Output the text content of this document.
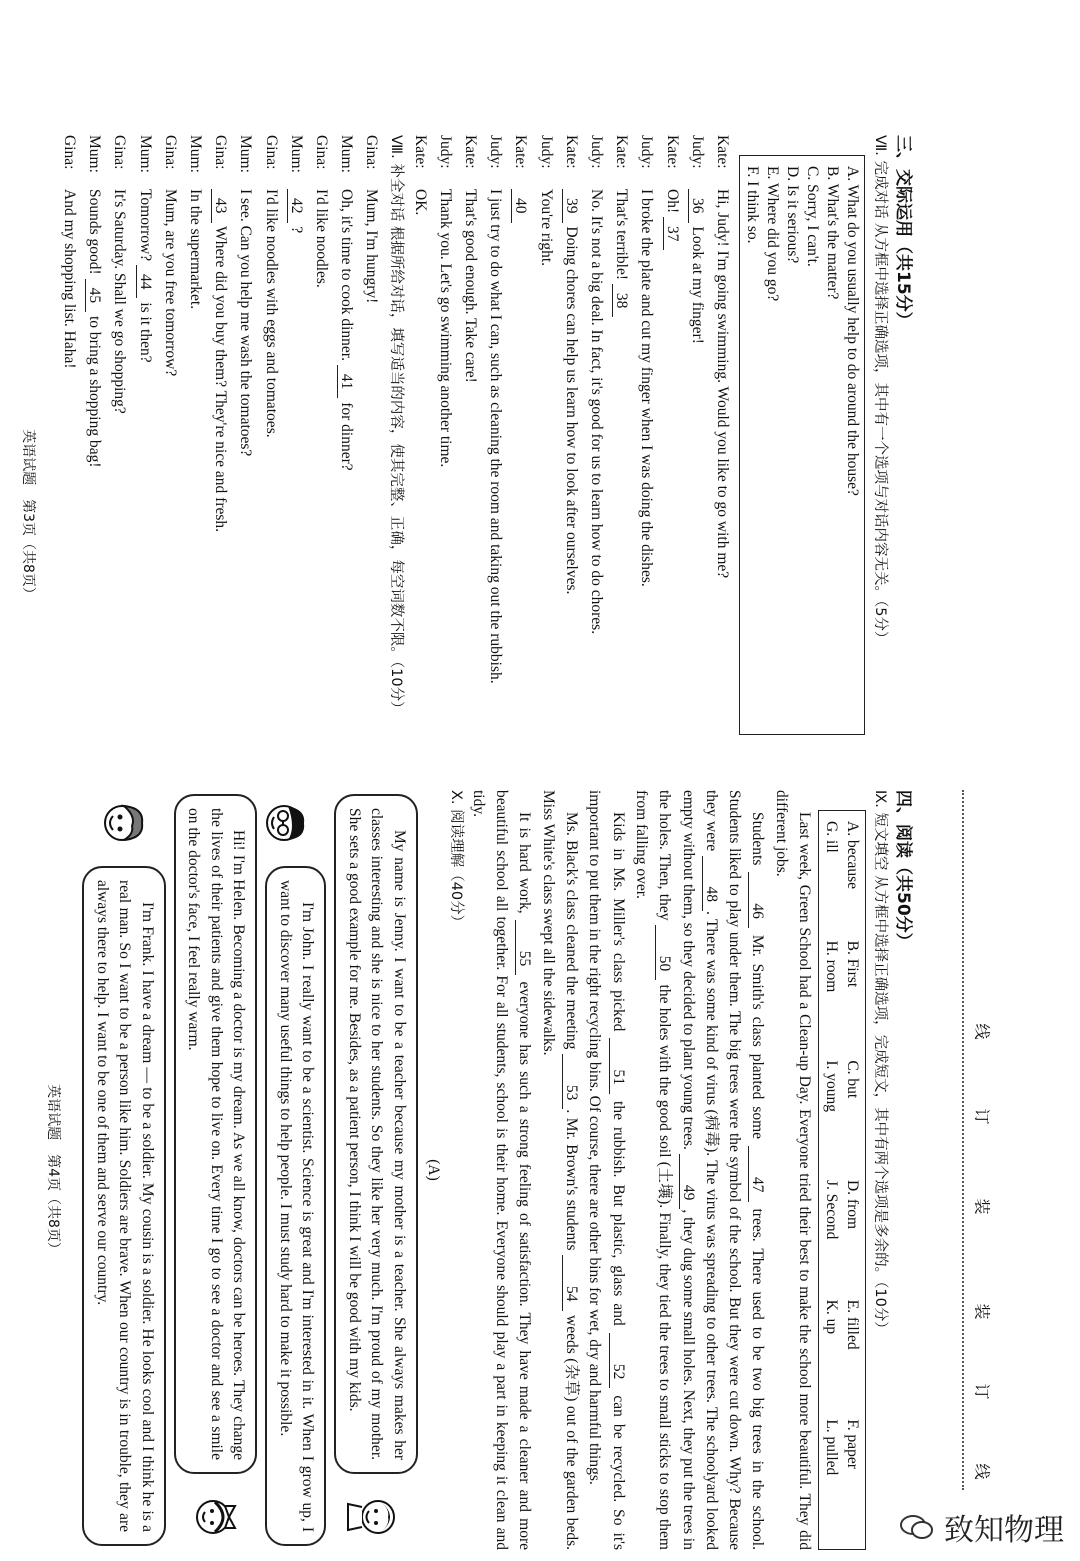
三、交际运用（共15分）
Ⅶ. 完成对话 从方框中选择正确选项，其中有一个选项与对话内容无关。（5分）
A. What do you usually help to do around the house?
B. What's the matter?
C. Sorry, I can't.
D. Is it serious?
E. Where did you go?
F. I think so.
Kate:Hi, Judy! I'm going swimming. Would you like to go with me?
Judy:36 Look at my finger!
Kate:Oh! 37
Judy:I broke the plate and cut my finger when I was doing the dishes.
Kate:That's terrible! 38
Judy:No. It's not a big deal. In fact, it's good for us to learn how to do chores.
Kate:39 Doing chores can help us learn how to look after ourselves.
Judy:You're right.
Kate:40
Judy:I just try to do what I can, such as cleaning the room and taking out the rubbish.
Kate:That's good enough. Take care!
Judy:Thank you. Let's go swimming another time.
Kate:OK.
Ⅷ. 补全对话 根据所给对话，填写适当的内容，使其完整、正确，每空词数不限。（10分）
Gina:Mum, I'm hungry!
Mum:Oh, it's time to cook dinner. 41 for dinner?
Gina:I'd like noodles.
Mum:42 ?
Gina:I'd like noodles with eggs and tomatoes.
Mum:I see. Can you help me wash the tomatoes?
Gina:43 Where did you buy them? They're nice and fresh.
Mum:In the supermarket.
Gina:Mum, are you free tomorrow?
Mum:Tomorrow? 44 is it then?
Gina:It's Saturday. Shall we go shopping?
Mum:Sounds good! 45 to bring a shopping bag!
Gina:And my shopping list. Haha!
英语试题　第3页（共8页）
四、阅读（共50分）
Ⅸ. 短文填空 从方框中选择正确选项，完成短文，其中有两个选项是多余的。（10分）
A. because
B. First
C. but
D. from
E. filled
F. paper
G. ill
H. room
I. young
J. Second
K. up
L. pulled
Last week, Green School had a Clean-up Day. Everyone tried their best to make the school more beautiful. They did different jobs.
Students 46 Mr. Smith's class planted some 47 trees. There used to be two big trees in the school. Students liked to play under them. The big trees were the symbol of the school. But they were cut down. Why? Because they were 48. There was some kind of virus (病毒). The virus was spreading to other trees. The schoolyard looked empty without them, so they decided to plant young trees. 49, they dug some small holes. Next, they put the trees in the holes. Then, they 50 the holes with the good soil (土壤). Finally, they tied the trees to small sticks to stop them from falling over.
Kids in Ms. Miller's class picked 51 the rubbish. But plastic, glass and 52 can be recycled. So it's important to put them in the right recycling bins. Of course, there are other bins for wet, dry and harmful things.
Ms. Black's class cleaned the meeting 53. Mr. Brown's students 54 weeds (杂草) out of the garden beds. Miss White's class swept all the sidewalks.
It is hard work, 55 everyone has such a strong feeling of satisfaction. They have made a cleaner and more beautiful school all together. For all students, school is their home. Everyone should play a part in keeping it clean and tidy.
Ⅹ. 阅读理解（40分）
(A)
My name is Jenny. I want to be a teacher because my mother is a teacher. She always makes her classes interesting and she is nice to her students. So they like her very much. I'm proud of my mother. She sets a good example for me. Besides, as a patient person, I think I will be good with my kids.
I'm John. I really want to be a scientist. Science is great and I'm interested in it. When I grow up, I want to discover many useful things to help people. I must study hard to make it possible.
Hi! I'm Helen. Becoming a doctor is my dream. As we all know, doctors can be heroes. They change the lives of their patients and give them hope to live on. Every time I go to see a doctor and see a smile on the doctor's face, I feel really warm.
I'm Frank. I have a dream — to be a soldier. My cousin is a soldier. He looks cool and I think he is a real man. So I want to be a person like him. Soldiers are brave. When our country is in trouble, they are always there to help. I want to be one of them and serve our country.
英语试题　第4页（共8页）	装
订
线
装
订
线
致知物理
